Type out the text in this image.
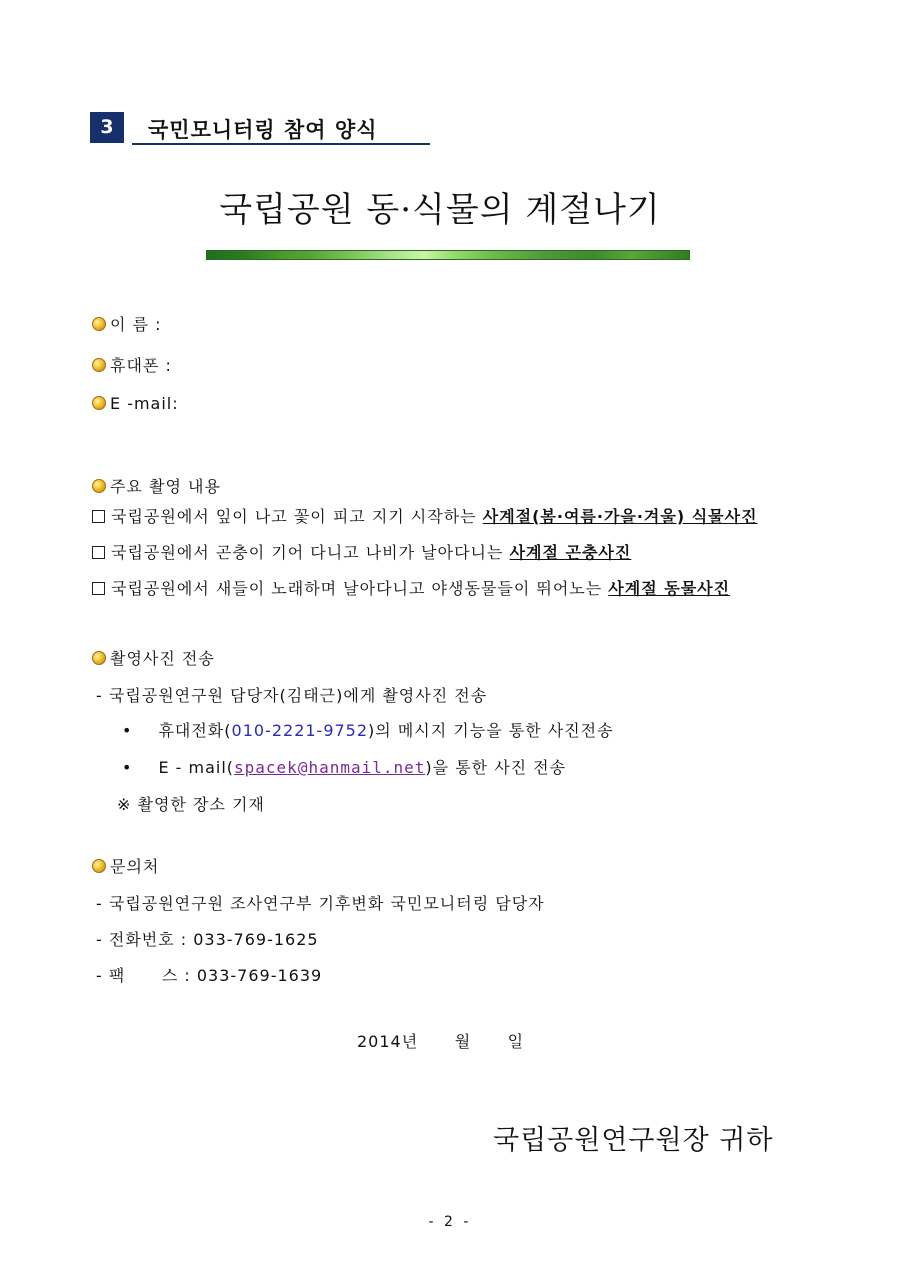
3	국민모니터링 참여 양식
국립공원 동·식물의 계절나기
이 름 :
휴대폰 :
E -mail:
주요 촬영 내용
국립공원에서 잎이 나고 꽃이 피고 지기 시작하는 사계절(봄·여름·가을·겨울) 식물사진
국립공원에서 곤충이 기어 다니고 나비가 날아다니는 사계절 곤충사진
국립공원에서 새들이 노래하며 날아다니고 야생동물들이 뛰어노는 사계절 동물사진
촬영사진 전송
- 국립공원연구원 담당자(김태근)에게 촬영사진 전송
• 휴대전화(010-2221-9752)의 메시지 기능을 통한 사진전송
• E - mail(spacek@hanmail.net)을 통한 사진 전송
※ 촬영한 장소 기재
문의처
- 국립공원연구원 조사연구부 기후변화 국민모니터링 담당자
- 전화번호 : 033-769-1625
- 팩      스 : 033-769-1639
2014년      월      일
국립공원연구원장 귀하
- 2 -
